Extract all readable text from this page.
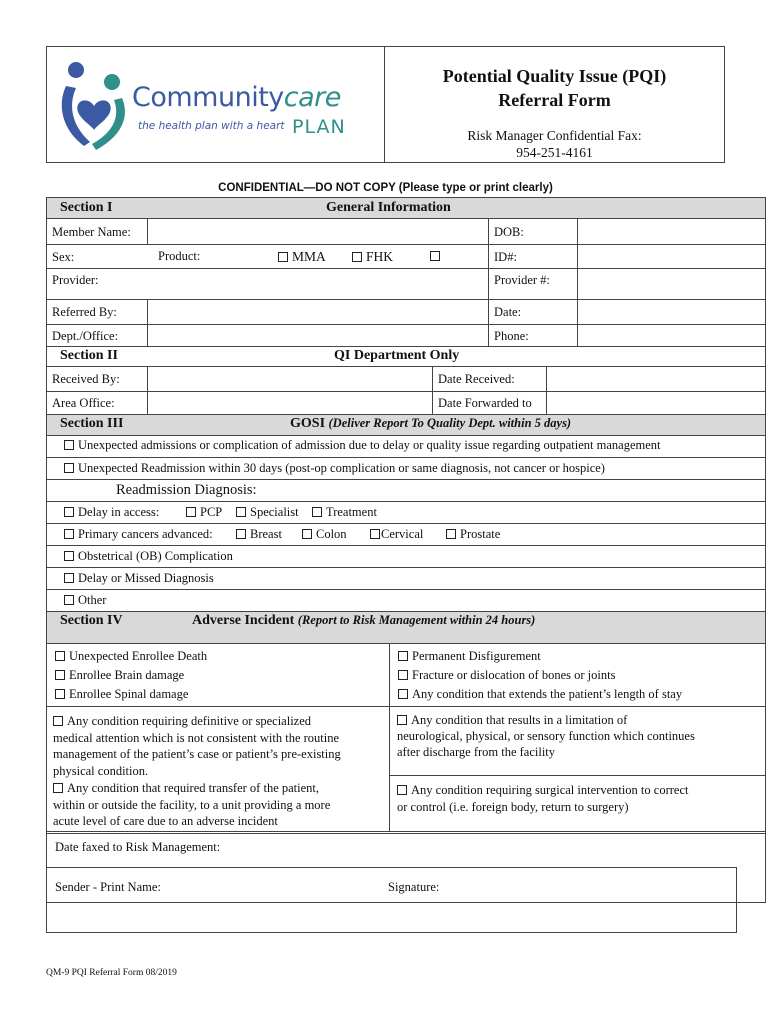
Communitycare
the health plan with a heart PLAN
Potential Quality Issue (PQI)
Referral Form
Risk Manager Confidential Fax:
954-251-4161
CONFIDENTIAL—DO NOT COPY (Please type or print clearly)
Section I	General Information
Member Name:	DOB:
Sex:	Product:	MMA	FHK	ID#:
Provider:	Provider #:
Referred By:	Date:
Dept./Office:	Phone:
Section II	QI Department Only
Received By:	Date Received:
Area Office:	Date Forwarded to
Section III	GOSI (Deliver Report To Quality Dept. within 5 days)
Unexpected admissions or complication of admission due to delay or quality issue regarding outpatient management
Unexpected Readmission within 30 days (post-op complication or same diagnosis, not cancer or hospice)
Readmission Diagnosis:
Delay in access:	PCP	Specialist	Treatment
Primary cancers advanced:	Breast	Colon	Cervical	Prostate
Obstetrical (OB) Complication
Delay or Missed Diagnosis
Other
Section IV	Adverse Incident (Report to Risk Management within 24 hours)
Unexpected Enrollee Death
Enrollee Brain damage
Enrollee Spinal damage
Permanent Disfigurement
Fracture or dislocation of bones or joints
Any condition that extends the patient’s length of stay
Any condition requiring definitive or specialized
medical attention which is not consistent with the routine
management of the patient’s case or patient’s pre-existing
physical condition.
Any condition that required transfer of the patient,
within or outside the facility, to a unit providing a more
acute level of care due to an adverse incident
Any condition that results in a limitation of
neurological, physical, or sensory function which continues
after discharge from the facility
Any condition requiring surgical intervention to correct
or control (i.e. foreign body, return to surgery)
Date faxed to Risk Management:
Sender - Print Name:	Signature:
QM-9 PQI Referral Form 08/2019
